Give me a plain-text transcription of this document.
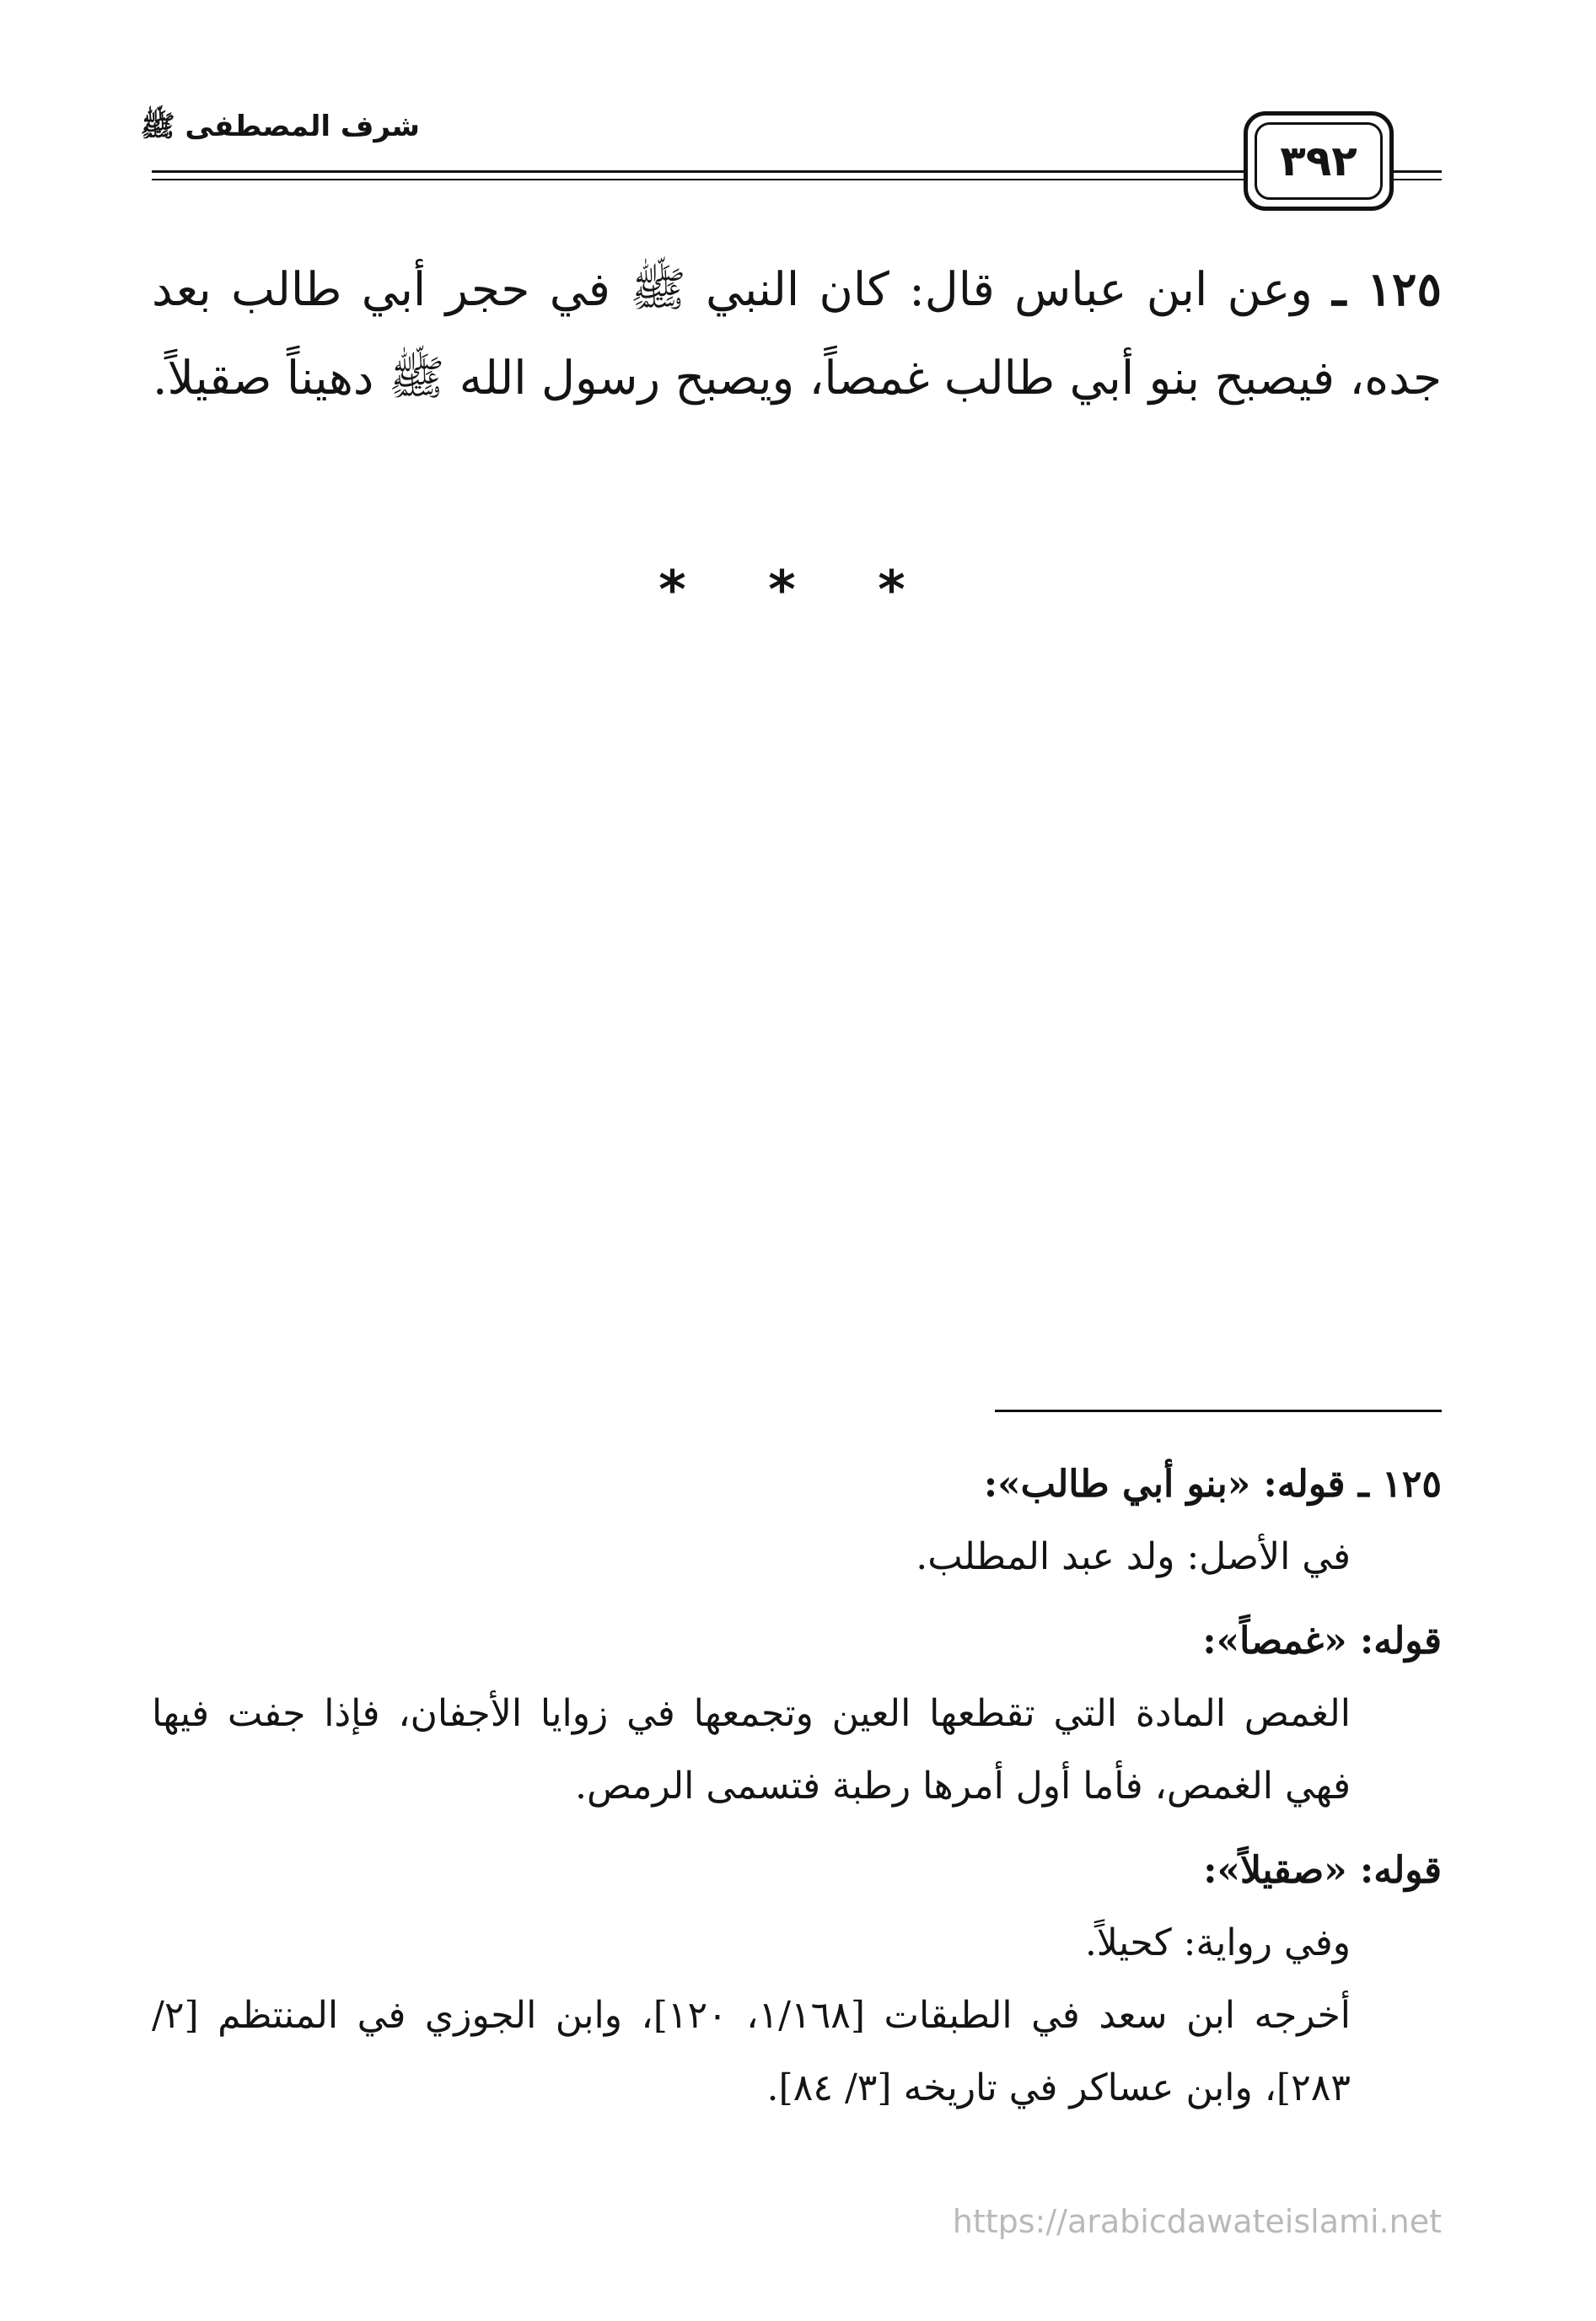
شرف المصطفى ﷺ
٣٩٢
١٢٥ ـ وعن ابن عباس قال: كان النبي ﷺ في حجر أبي طالب بعد جده، فيصبح بنو أبي طالب غمصاً، ويصبح رسول الله ﷺ دهيناً صقيلاً.
* * *
١٢٥ ـ قوله: «بنو أبي طالب»:
في الأصل: ولد عبد المطلب.
قوله: «غمصاً»:
الغمص المادة التي تقطعها العين وتجمعها في زوايا الأجفان، فإذا جفت فيها فهي الغمص، فأما أول أمرها رطبة فتسمى الرمص.
قوله: «صقيلاً»:
وفي رواية: كحيلاً.
أخرجه ابن سعد في الطبقات [١/١٦٨، ١٢٠]، وابن الجوزي في المنتظم [٢/ ٢٨٣]، وابن عساكر في تاريخه [٣/ ٨٤].
https://arabicdawateislami.net
